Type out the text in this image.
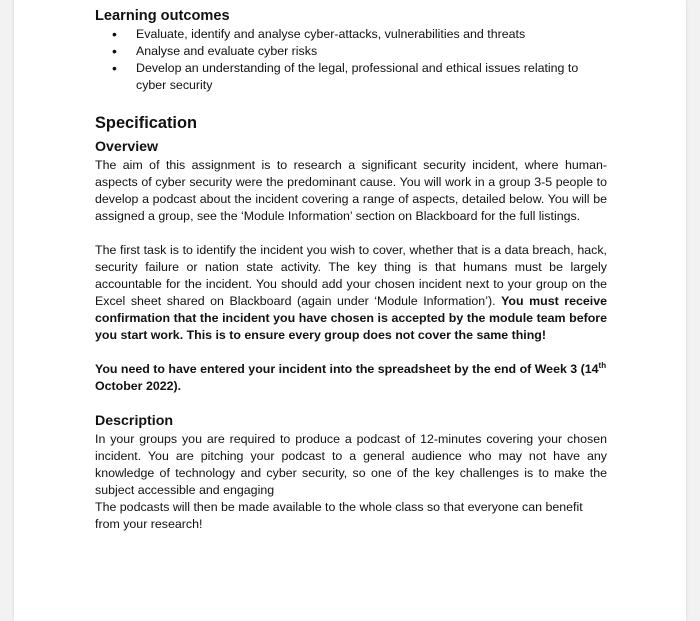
Learning outcomes
• Evaluate, identify and analyse cyber-attacks, vulnerabilities and threats
• Analyse and evaluate cyber risks
• Develop an understanding of the legal, professional and ethical issues relating to cyber security
Specification
Overview

The aim of this assignment is to research a significant security incident, where human-aspects of cyber security were the predominant cause. You will work in a group 3-5 people to develop a podcast about the incident covering a range of aspects, detailed below. You will be assigned a group, see the ‘Module Information’ section on Blackboard for the full listings.

The first task is to identify the incident you wish to cover, whether that is a data breach, hack, security failure or nation state activity. The key thing is that humans must be largely accountable for the incident. You should add your chosen incident next to your group on the Excel sheet shared on Blackboard (again under ‘Module Information’). You must receive confirmation that the incident you have chosen is accepted by the module team before you start work. This is to ensure every group does not cover the same thing!

You need to have entered your incident into the spreadsheet by the end of Week 3 (14th October 2022).

Description

In your groups you are required to produce a podcast of 12-minutes covering your chosen incident. You are pitching your podcast to a general audience who may not have any knowledge of technology and cyber security, so one of the key challenges is to make the subject accessible and engaging

The podcasts will then be made available to the whole class so that everyone can benefit from your research!
